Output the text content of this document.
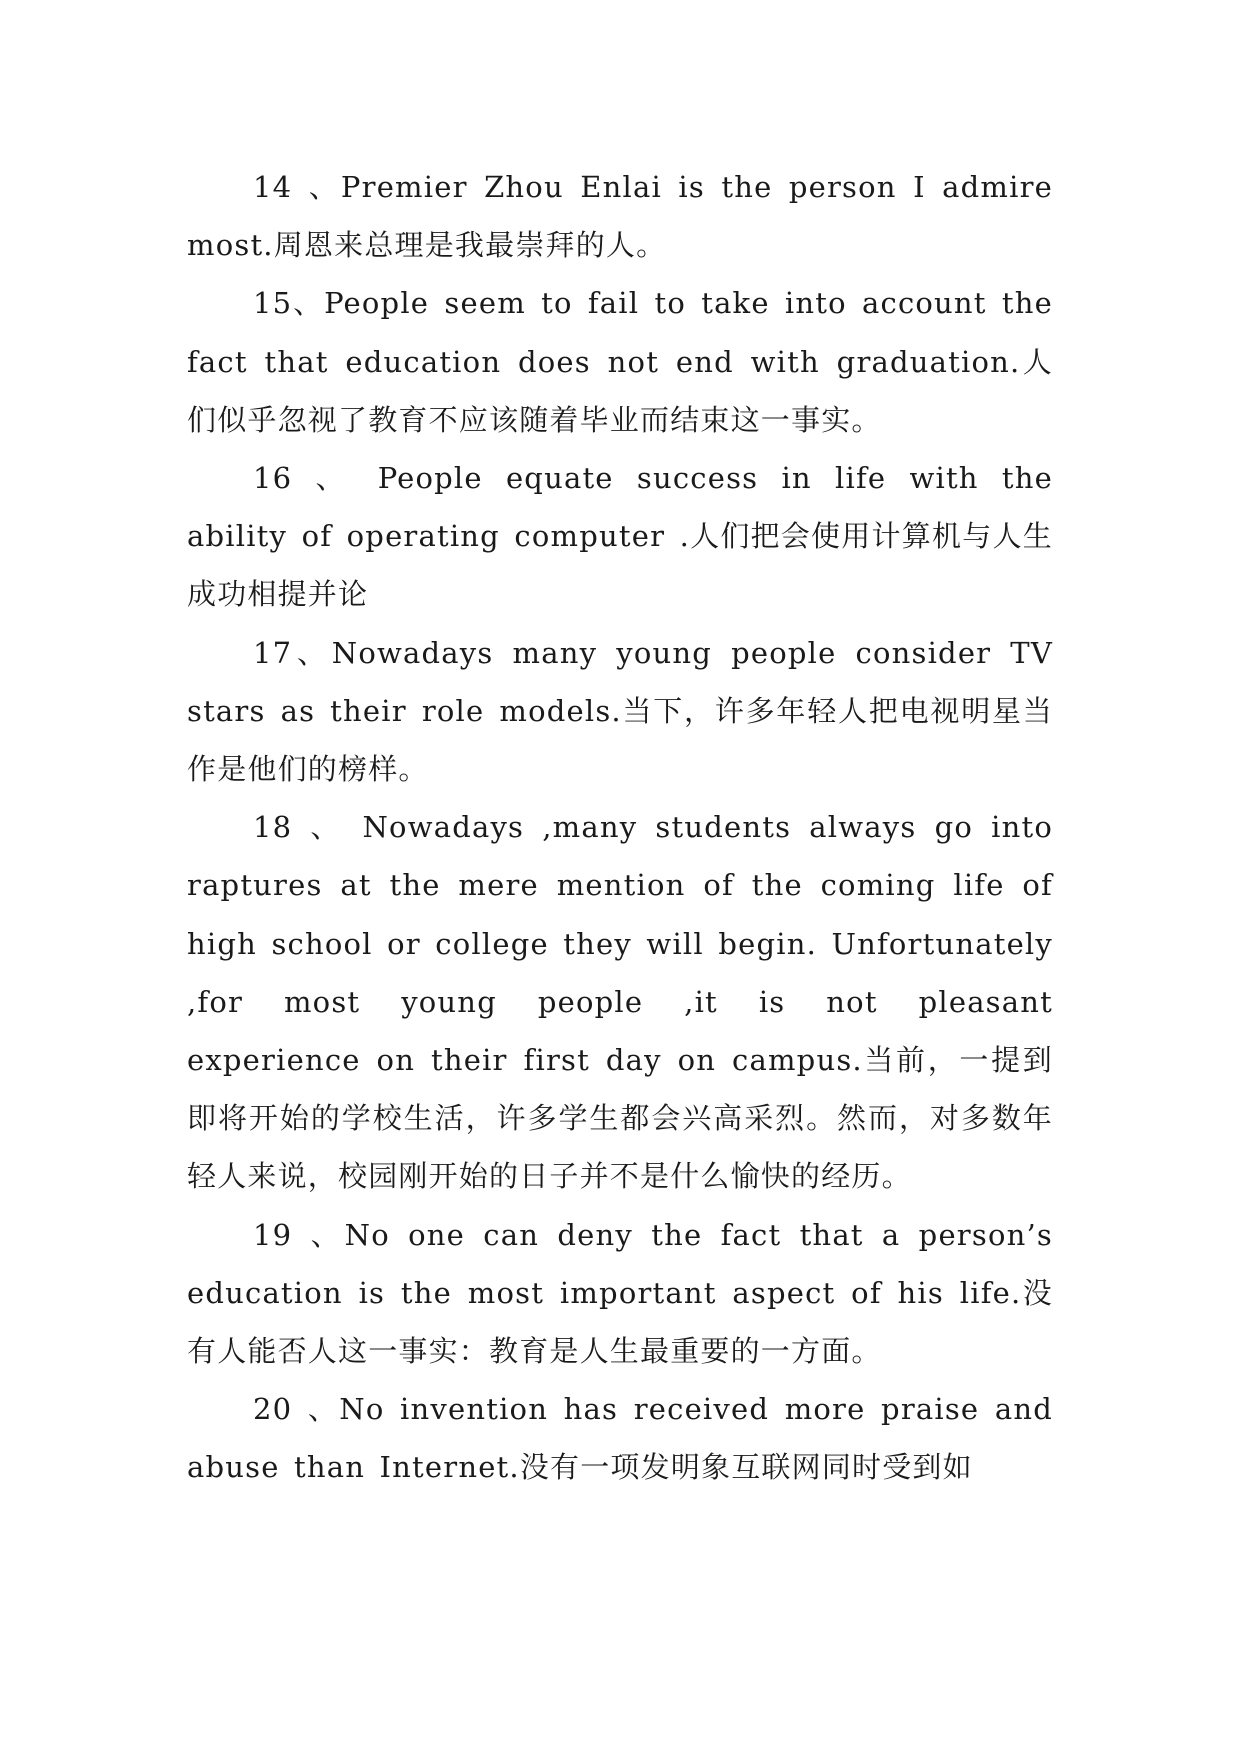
14 、Premier Zhou Enlai is the person I admire most.周恩来总理是我最崇拜的人。

15、People seem to fail to take into account the fact that education does not end with graduation.人们似乎忽视了教育不应该随着毕业而结束这一事实。

16 、 People equate success in life with the ability of operating computer .人们把会使用计算机与人生成功相提并论

17、Nowadays many young people consider TV stars as their role models.当下，许多年轻人把电视明星当作是他们的榜样。

18 、 Nowadays ,many students always go into raptures at the mere mention of the coming life of high school or college they will begin. Unfortunately ,for most young people ,it is not pleasant experience on their first day on campus.当前，一提到即将开始的学校生活，许多学生都会兴高采烈。然而，对多数年轻人来说，校园刚开始的日子并不是什么愉快的经历。

19 、No one can deny the fact that a person’s education is the most important aspect of his life.没有人能否人这一事实：教育是人生最重要的一方面。

20 、No invention has received more praise and abuse than Internet.没有一项发明象互联网同时受到如
